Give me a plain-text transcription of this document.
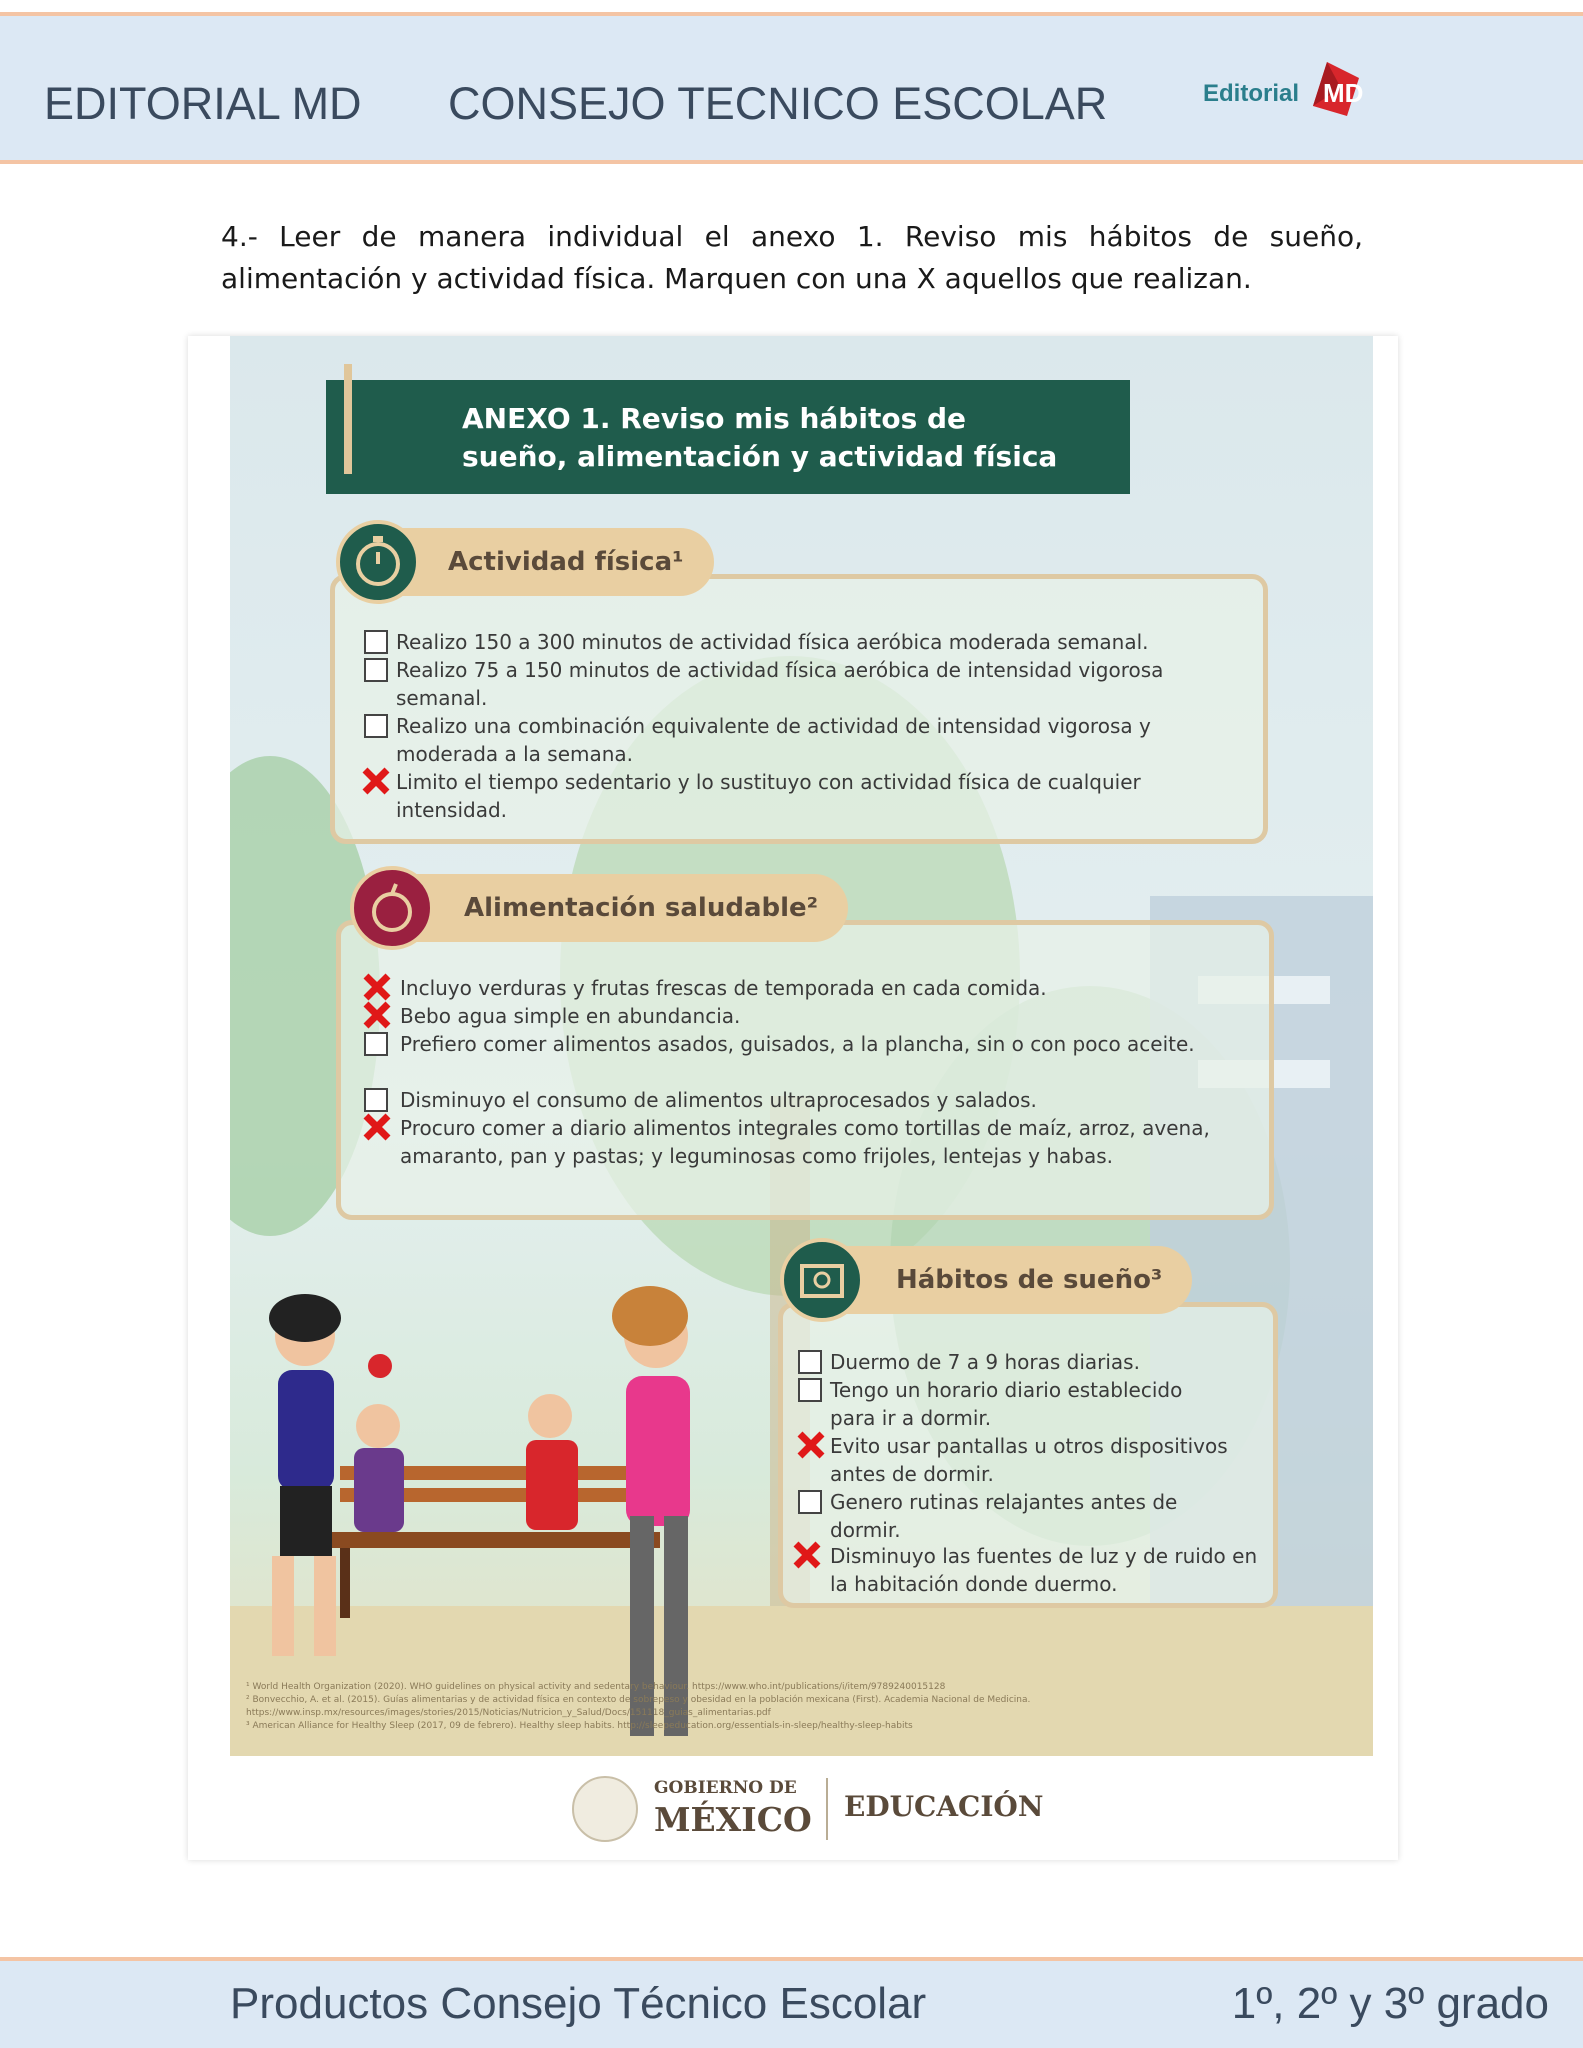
EDITORIAL MD CONSEJO TECNICO ESCOLAR	Editorial MD

4.- Leer de manera individual el anexo 1. Reviso mis hábitos de sueño, alimentación y actividad física. Marquen con una X aquellos que realizan.

ANEXO 1. Reviso mis hábitos de
sueño, alimentación y actividad física
Actividad física¹
Realizo 150 a 300 minutos de actividad física aeróbica moderada semanal.
Realizo 75 a 150 minutos de actividad física aeróbica de intensidad vigorosa semanal.
Realizo una combinación equivalente de actividad de intensidad vigorosa y moderada a la semana.
Limito el tiempo sedentario y lo sustituyo con actividad física de cualquier intensidad.
Alimentación saludable²
Incluyo verduras y frutas frescas de temporada en cada comida.
Bebo agua simple en abundancia.
Prefiero comer alimentos asados, guisados, a la plancha, sin o con poco aceite.
Disminuyo el consumo de alimentos ultraprocesados y salados.
Procuro comer a diario alimentos integrales como tortillas de maíz, arroz, avena, amaranto, pan y pastas; y leguminosas como frijoles, lentejas y habas.
Hábitos de sueño³
Duermo de 7 a 9 horas diarias.
Tengo un horario diario establecido para ir a dormir.
Evito usar pantallas u otros dispositivos antes de dormir.
Genero rutinas relajantes antes de dormir.
Disminuyo las fuentes de luz y de ruido en la habitación donde duermo.
¹ World Health Organization (2020). WHO guidelines on physical activity and sedentary behaviour. https://www.who.int/publications/i/item/9789240015128
² Bonvecchio, A. et al. (2015). Guías alimentarias y de actividad física en contexto de sobrepeso y obesidad en la población mexicana (First). Academia Nacional de Medicina. https://www.insp.mx/resources/images/stories/2015/Noticias/Nutricion_y_Salud/Docs/151118_guias_alimentarias.pdf
³ American Alliance for Healthy Sleep (2017, 09 de febrero). Healthy sleep habits. http://sleepeducation.org/essentials-in-sleep/healthy-sleep-habits
GOBIERNO DE
MÉXICO EDUCACIÓN
Productos Consejo Técnico Escolar	1º, 2º y 3º grado
